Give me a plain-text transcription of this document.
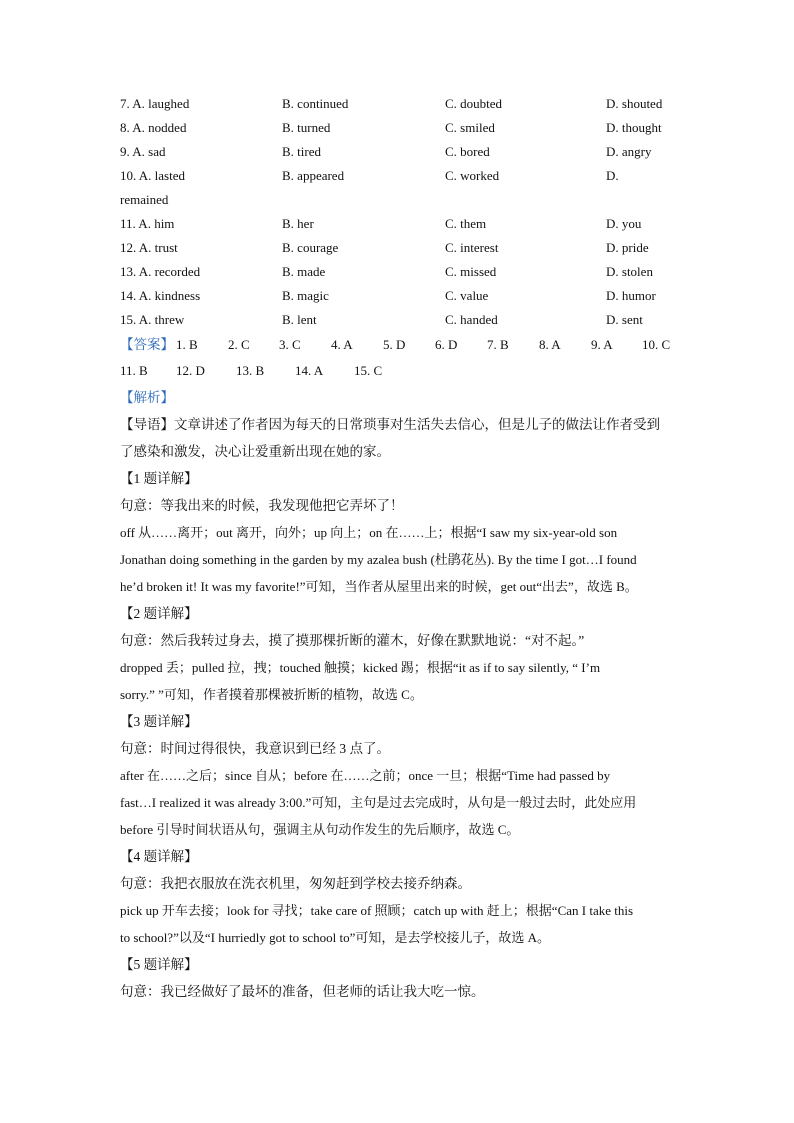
7. A. laughed	B. continued	C. doubted	D. shouted
8. A. nodded	B. turned	C. smiled	D. thought
9. A. sad	B. tired	C. bored	D. angry
10. A. lasted	B. appeared	C. worked	D.
remained
11. A. him	B. her	C. them	D. you
12. A. trust	B. courage	C. interest	D. pride
13. A. recorded	B. made	C. missed	D. stolen
14. A. kindness	B. magic	C. value	D. humor
15. A. threw	B. lent	C. handed	D. sent
【答案】 1. B 2. C 3. C 4. A 5. D 6. D 7. B 8. A 9. A 10. C
11. B 12. D 13. B 14. A 15. C
【解析】
【导语】文章讲述了作者因为每天的日常琐事对生活失去信心，但是儿子的做法让作者受到
了感染和激发，决心让爱重新出现在她的家。
【1 题详解】
句意：等我出来的时候，我发现他把它弄坏了！
off 从……离开；out 离开，向外；up 向上；on 在……上；根据“I saw my six-year-old son
Jonathan doing something in the garden by my azalea bush (杜鹃花丛). By the time I got…I found
he’d broken it! It was my favorite!”可知，当作者从屋里出来的时候，get out“出去”，故选 B。
【2 题详解】
句意：然后我转过身去，摸了摸那棵折断的灌木，好像在默默地说：“对不起。”
dropped 丢；pulled 拉，拽；touched 触摸；kicked 踢；根据“it as if to say silently, “ I’m
sorry.” ”可知，作者摸着那棵被折断的植物，故选 C。
【3 题详解】
句意：时间过得很快，我意识到已经 3 点了。
after 在……之后；since 自从；before 在……之前；once 一旦；根据“Time had passed by
fast…I realized it was already 3:00.”可知，主句是过去完成时，从句是一般过去时，此处应用
before 引导时间状语从句，强调主从句动作发生的先后顺序，故选 C。
【4 题详解】
句意：我把衣服放在洗衣机里，匆匆赶到学校去接乔纳森。
pick up 开车去接；look for 寻找；take care of 照顾；catch up with 赶上；根据“Can I take this
to school?”以及“I hurriedly got to school to”可知，是去学校接儿子，故选 A。
【5 题详解】
句意：我已经做好了最坏的准备，但老师的话让我大吃一惊。
